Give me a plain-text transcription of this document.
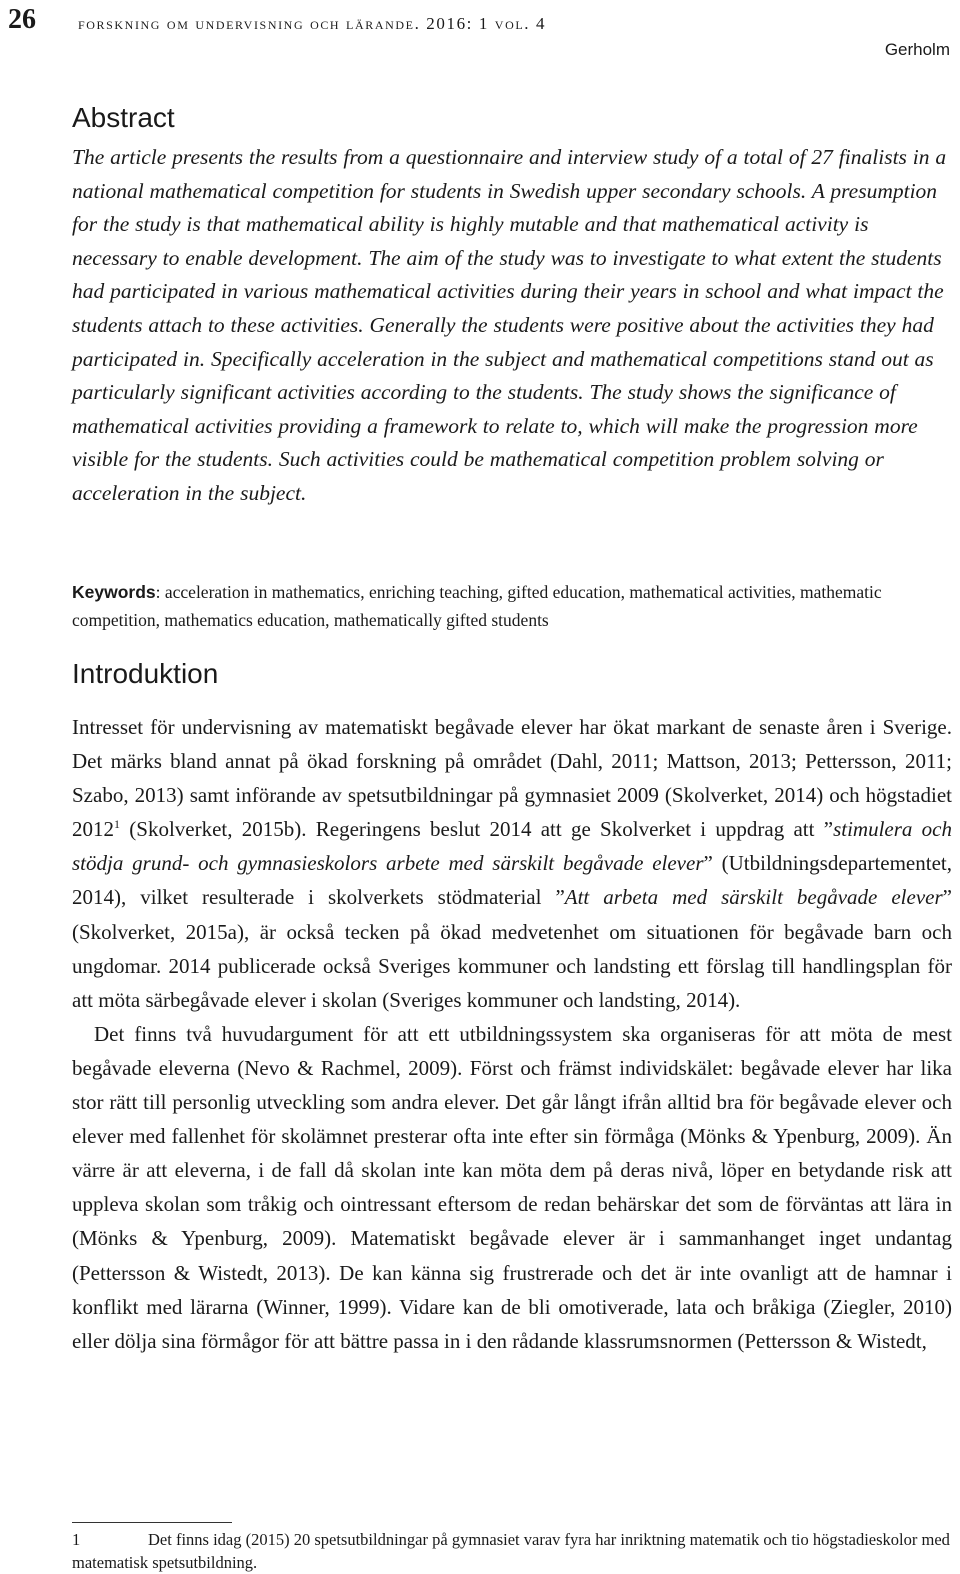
26 forskning om undervisning och lärande. 2016: 1 vol. 4
Gerholm
Abstract

The article presents the results from a questionnaire and interview study of a total of 27 finalists in a national mathematical competition for students in Swedish upper secondary schools. A presumption for the study is that mathematical ability is highly mutable and that mathematical activity is necessary to enable development. The aim of the study was to investigate to what extent the students had participated in various mathematical activities during their years in school and what impact the students attach to these activities. Generally the students were positive about the activities they had participated in. Specifically acceleration in the subject and mathematical competitions stand out as particularly significant activities according to the students. The study shows the significance of mathematical activities providing a framework to relate to, which will make the progression more visible for the students. Such activities could be mathematical competition problem solving or acceleration in the subject.

Keywords: acceleration in mathematics, enriching teaching, gifted education, mathematical activities, mathematic competition, mathematics education, mathematically gifted students

Introduktion

Intresset för undervisning av matematiskt begåvade elever har ökat markant de senaste åren i Sverige. Det märks bland annat på ökad forskning på området (Dahl, 2011; Mattson, 2013; Pettersson, 2011; Szabo, 2013) samt införande av spetsutbildningar på gymnasiet 2009 (Skolverket, 2014) och högstadiet 2012$^1$ (Skolverket, 2015b). Regeringens beslut 2014 att ge Skolverket i uppdrag att ”stimulera och stödja grund- och gymnasieskolors arbete med särskilt begåvade elever” (Utbildningsdepartementet, 2014), vilket resulterade i skolverkets stödmaterial ”Att arbeta med särskilt begåvade elever” (Skolverket, 2015a), är också tecken på ökad medvetenhet om situationen för begåvade barn och ungdomar. 2014 publicerade också Sveriges kommuner och landsting ett förslag till handlingsplan för att möta särbegåvade elever i skolan (Sveriges kommuner och landsting, 2014).

Det finns två huvudargument för att ett utbildningssystem ska organiseras för att möta de mest begåvade eleverna (Nevo & Rachmel, 2009). Först och främst individskälet: begåvade elever har lika stor rätt till personlig utveckling som andra elever. Det går långt ifrån alltid bra för begåvade elever och elever med fallenhet för skolämnet presterar ofta inte efter sin förmåga (Mönks & Ypenburg, 2009). Än värre är att eleverna, i de fall då skolan inte kan möta dem på deras nivå, löper en betydande risk att uppleva skolan som tråkig och ointressant eftersom de redan behärskar det som de förväntas att lära in (Mönks & Ypenburg, 2009). Matematiskt begåvade elever är i sammanhanget inget undantag (Pettersson & Wistedt, 2013). De kan känna sig frustrerade och det är inte ovanligt att de hamnar i konflikt med lärarna (Winner, 1999). Vidare kan de bli omotiverade, lata och bråkiga (Ziegler, 2010) eller dölja sina förmågor för att bättre passa in i den rådande klassrumsnormen (Pettersson & Wistedt,

1	Det finns idag (2015) 20 spetsutbildningar på gymnasiet varav fyra har inriktning matematik och tio högstadieskolor med matematisk spetsutbildning.
